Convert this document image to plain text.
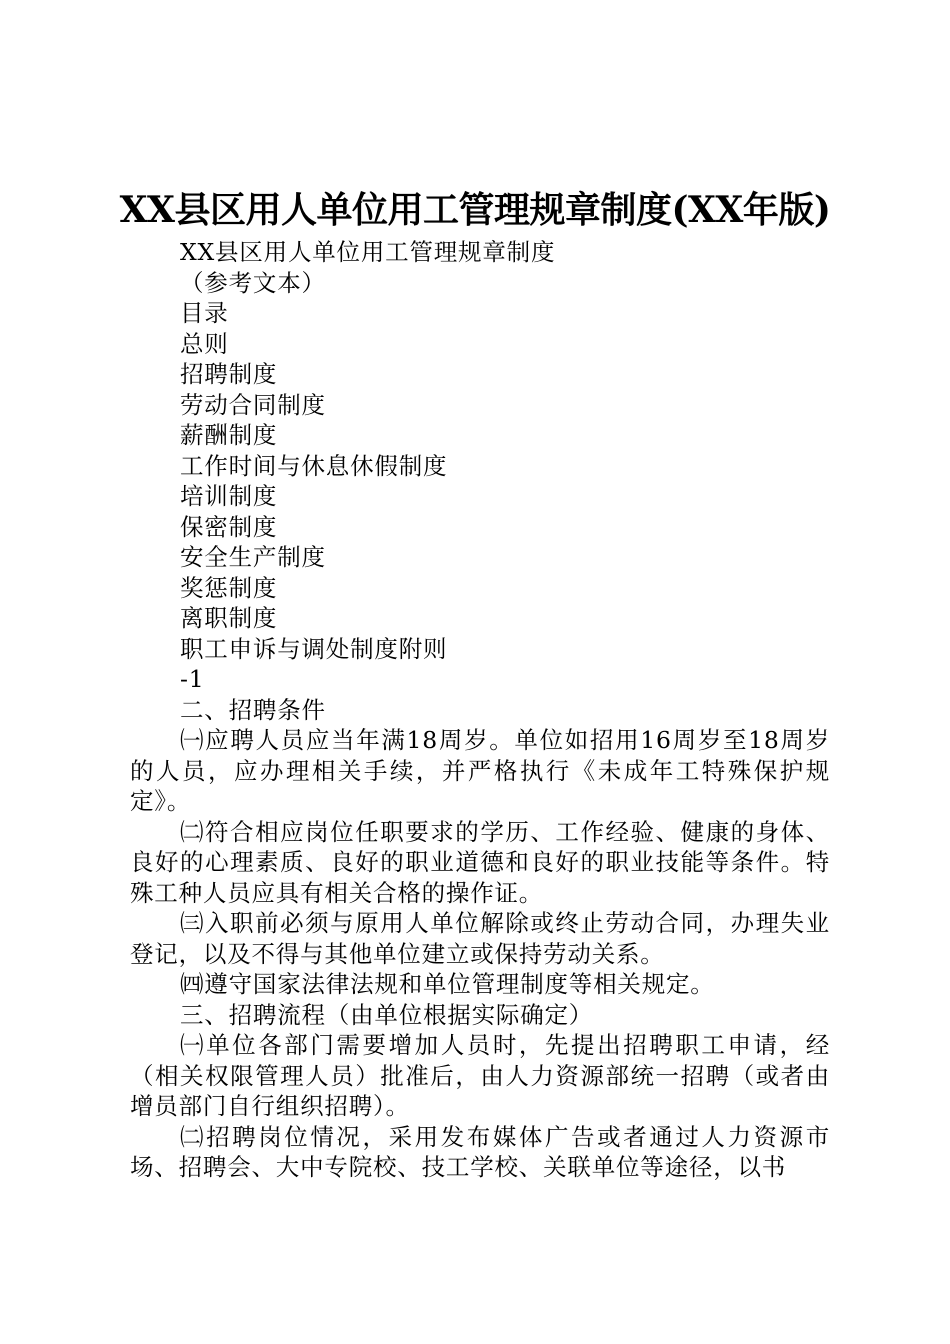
XX县区用人单位用工管理规章制度(XX年版)
XX县区用人单位用工管理规章制度
（参考文本）
目录
总则
招聘制度
劳动合同制度
薪酬制度
工作时间与休息休假制度
培训制度
保密制度
安全生产制度
奖惩制度
离职制度
职工申诉与调处制度附则
-1
二、招聘条件
㈠应聘人员应当年满18周岁。单位如招用16周岁至18周岁的人员，应办理相关手续，并严格执行《未成年工特殊保护规定》。
㈡符合相应岗位任职要求的学历、工作经验、健康的身体、良好的心理素质、良好的职业道德和良好的职业技能等条件。特殊工种人员应具有相关合格的操作证。
㈢入职前必须与原用人单位解除或终止劳动合同，办理失业登记，以及不得与其他单位建立或保持劳动关系。
㈣遵守国家法律法规和单位管理制度等相关规定。
三、招聘流程（由单位根据实际确定）
㈠单位各部门需要增加人员时，先提出招聘职工申请，经（相关权限管理人员）批准后，由人力资源部统一招聘（或者由增员部门自行组织招聘）。
㈡招聘岗位情况，采用发布媒体广告或者通过人力资源市场、招聘会、大中专院校、技工学校、关联单位等途径，以书
